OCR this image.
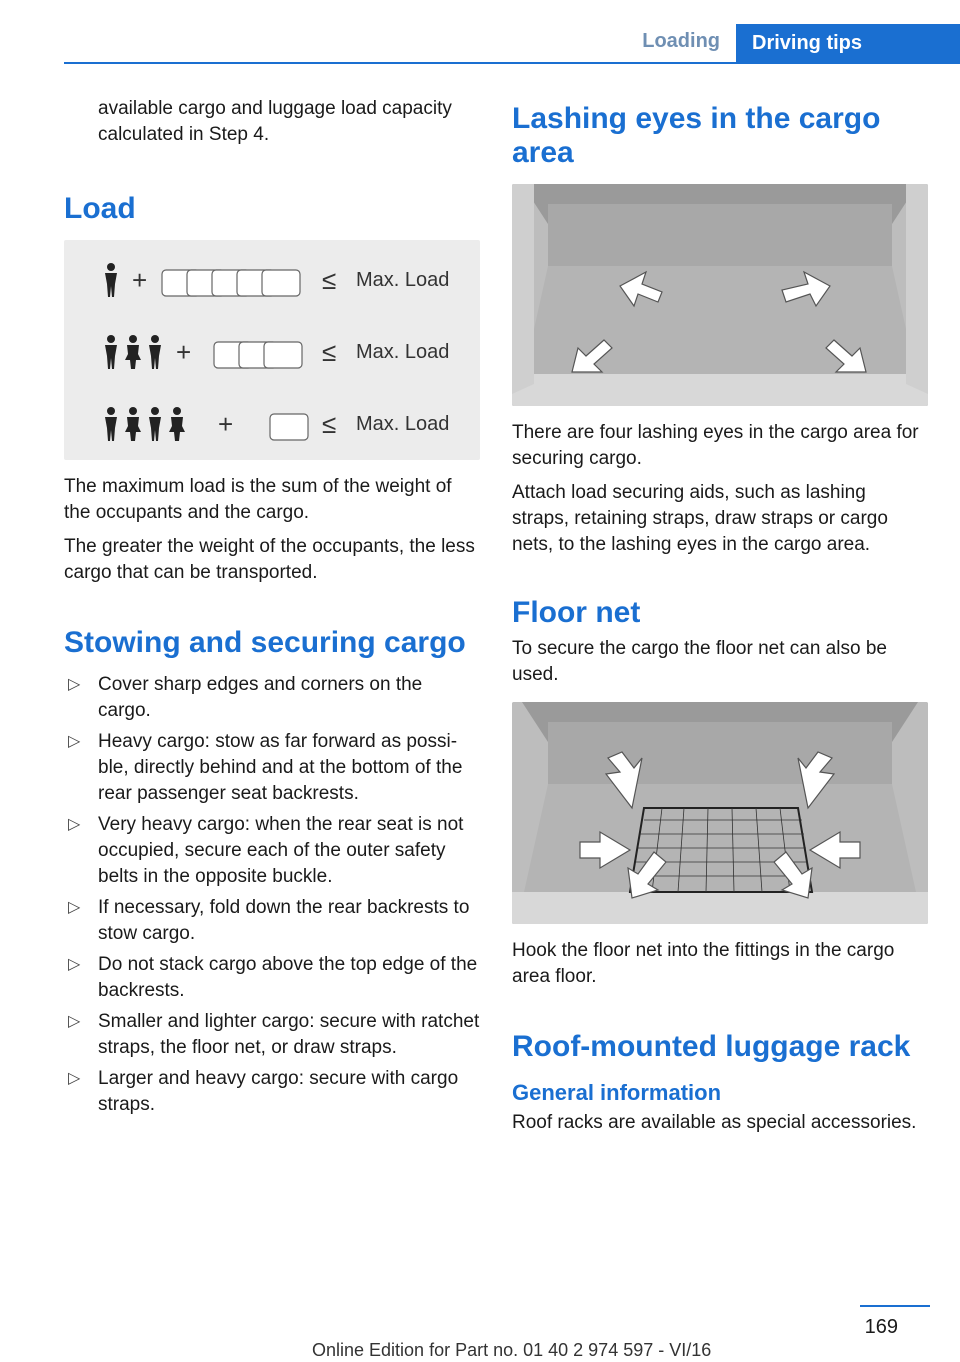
Loading	Driving tips

available cargo and luggage load capacity calculated in Step 4.

Load
+	≤ Max. Load
+	≤ Max. Load
+	≤ Max. Load

The maximum load is the sum of the weight of the occupants and the cargo.

The greater the weight of the occupants, the less cargo that can be transported.

Stowing and securing cargo
▷ Cover sharp edges and corners on the cargo.
▷ Heavy cargo: stow as far forward as possi-ble, directly behind and at the bottom of the rear passenger seat backrests.
▷ Very heavy cargo: when the rear seat is not occupied, secure each of the outer safety belts in the opposite buckle.
▷ If necessary, fold down the rear backrests to stow cargo.
▷ Do not stack cargo above the top edge of the backrests.
▷ Smaller and lighter cargo: secure with ratchet straps, the floor net, or draw straps.
▷ Larger and heavy cargo: secure with cargo straps.
Lashing eyes in the cargo area

There are four lashing eyes in the cargo area for securing cargo.

Attach load securing aids, such as lashing straps, retaining straps, draw straps or cargo nets, to the lashing eyes in the cargo area.

Floor net

To secure the cargo the floor net can also be used.

Hook the floor net into the fittings in the cargo area floor.

Roof-mounted luggage rack
General information

Roof racks are available as special accessories.

169
Online Edition for Part no. 01 40 2 974 597 - VI/16
